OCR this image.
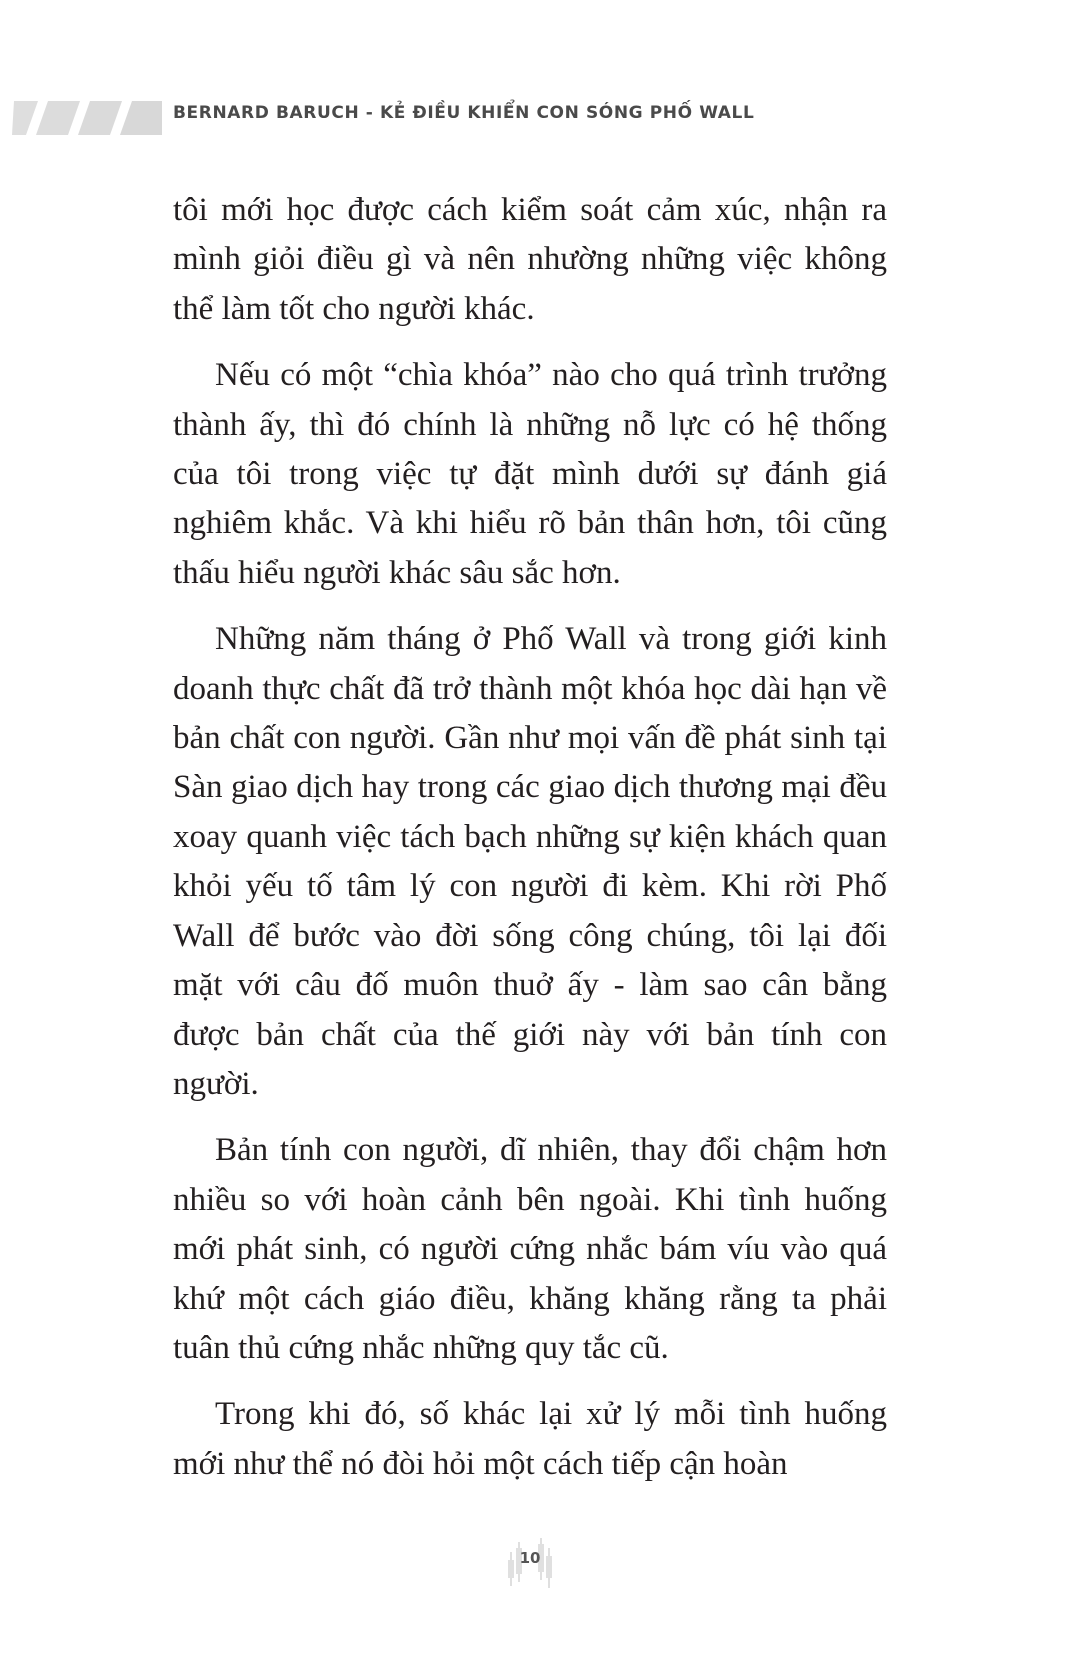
BERNARD BARUCH - KẺ ĐIỀU KHIỂN CON SÓNG PHỐ WALL

tôi mới học được cách kiểm soát cảm xúc, nhận ra mình giỏi điều gì và nên nhường những việc không thể làm tốt cho người khác.

Nếu có một “chìa khóa” nào cho quá trình trưởng thành ấy, thì đó chính là những nỗ lực có hệ thống của tôi trong việc tự đặt mình dưới sự đánh giá nghiêm khắc. Và khi hiểu rõ bản thân hơn, tôi cũng thấu hiểu người khác sâu sắc hơn.

Những năm tháng ở Phố Wall và trong giới kinh doanh thực chất đã trở thành một khóa học dài hạn về bản chất con người. Gần như mọi vấn đề phát sinh tại Sàn giao dịch hay trong các giao dịch thương mại đều xoay quanh việc tách bạch những sự kiện khách quan khỏi yếu tố tâm lý con người đi kèm. Khi rời Phố Wall để bước vào đời sống công chúng, tôi lại đối mặt với câu đố muôn thuở ấy - làm sao cân bằng được bản chất của thế giới này với bản tính con người.

Bản tính con người, dĩ nhiên, thay đổi chậm hơn nhiều so với hoàn cảnh bên ngoài. Khi tình huống mới phát sinh, có người cứng nhắc bám víu vào quá khứ một cách giáo điều, khăng khăng rằng ta phải tuân thủ cứng nhắc những quy tắc cũ.

Trong khi đó, số khác lại xử lý mỗi tình huống mới như thể nó đòi hỏi một cách tiếp cận hoàn

10
